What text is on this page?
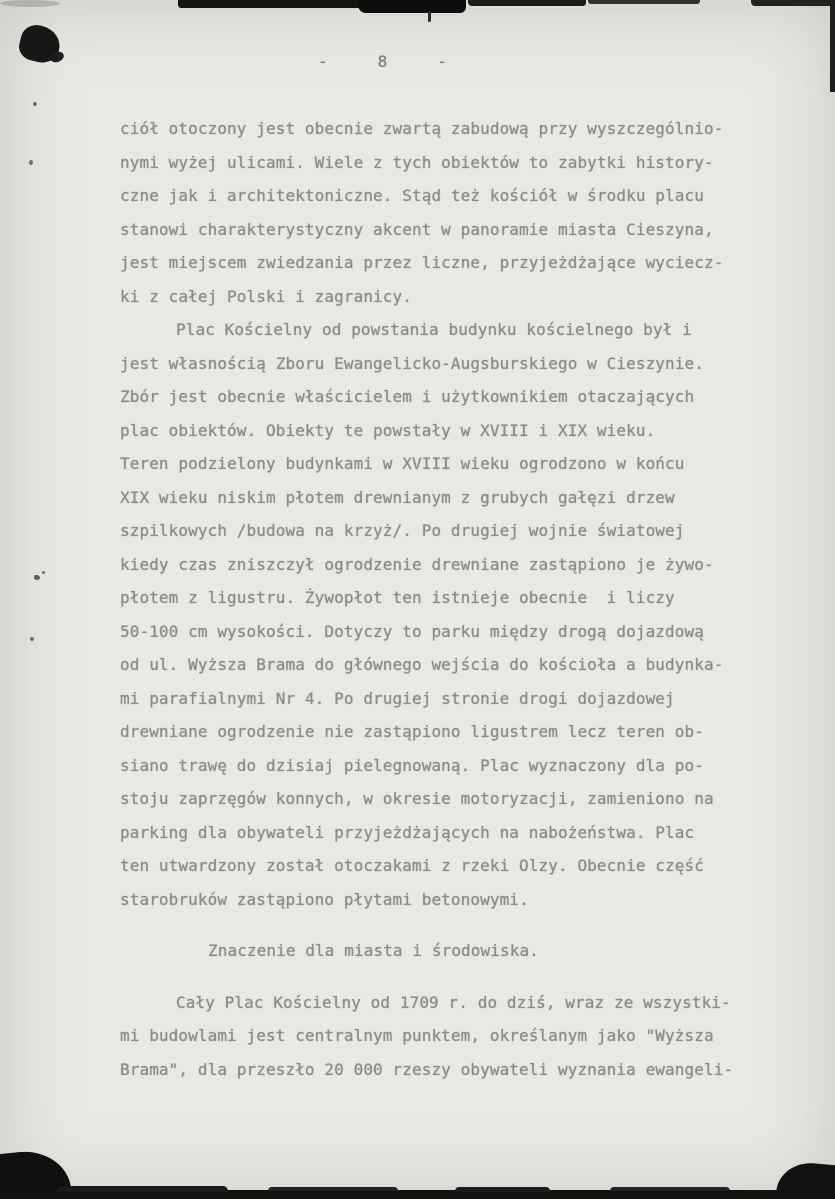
-     8     -
ciół otoczony jest obecnie zwartą zabudową przy wyszczególnio-
nymi wyżej ulicami. Wiele z tych obiektów to zabytki history-
czne jak i architektoniczne. Stąd też kościół w środku placu
stanowi charakterystyczny akcent w panoramie miasta Cieszyna,
jest miejscem zwiedzania przez liczne, przyjeżdżające wyciecz-
ki z całej Polski i zagranicy.
Plac Kościelny od powstania budynku kościelnego był i
jest własnością Zboru Ewangelicko-Augsburskiego w Cieszynie.
Zbór jest obecnie właścicielem i użytkownikiem otaczających
plac obiektów. Obiekty te powstały w XVIII i XIX wieku.
Teren podzielony budynkami w XVIII wieku ogrodzono w końcu
XIX wieku niskim płotem drewnianym z grubych gałęzi drzew
szpilkowych /budowa na krzyż/. Po drugiej wojnie światowej
kiedy czas zniszczył ogrodzenie drewniane zastąpiono je żywo-
płotem z ligustru. Żywopłot ten istnieje obecnie  i liczy
50-100 cm wysokości. Dotyczy to parku między drogą dojazdową
od ul. Wyższa Brama do głównego wejścia do kościoła a budynka-
mi parafialnymi Nr 4. Po drugiej stronie drogi dojazdowej
drewniane ogrodzenie nie zastąpiono ligustrem lecz teren ob-
siano trawę do dzisiaj pielegnowaną. Plac wyznaczony dla po-
stoju zaprzęgów konnych, w okresie motoryzacji, zamieniono na
parking dla obywateli przyjeżdżających na nabożeństwa. Plac
ten utwardzony został otoczakami z rzeki Olzy. Obecnie część
starobruków zastąpiono płytami betonowymi.
Znaczenie dla miasta i środowiska.
Cały Plac Kościelny od 1709 r. do dziś, wraz ze wszystki-
mi budowlami jest centralnym punktem, określanym jako "Wyższa
Brama", dla przeszło 20 000 rzeszy obywateli wyznania ewangeli-
